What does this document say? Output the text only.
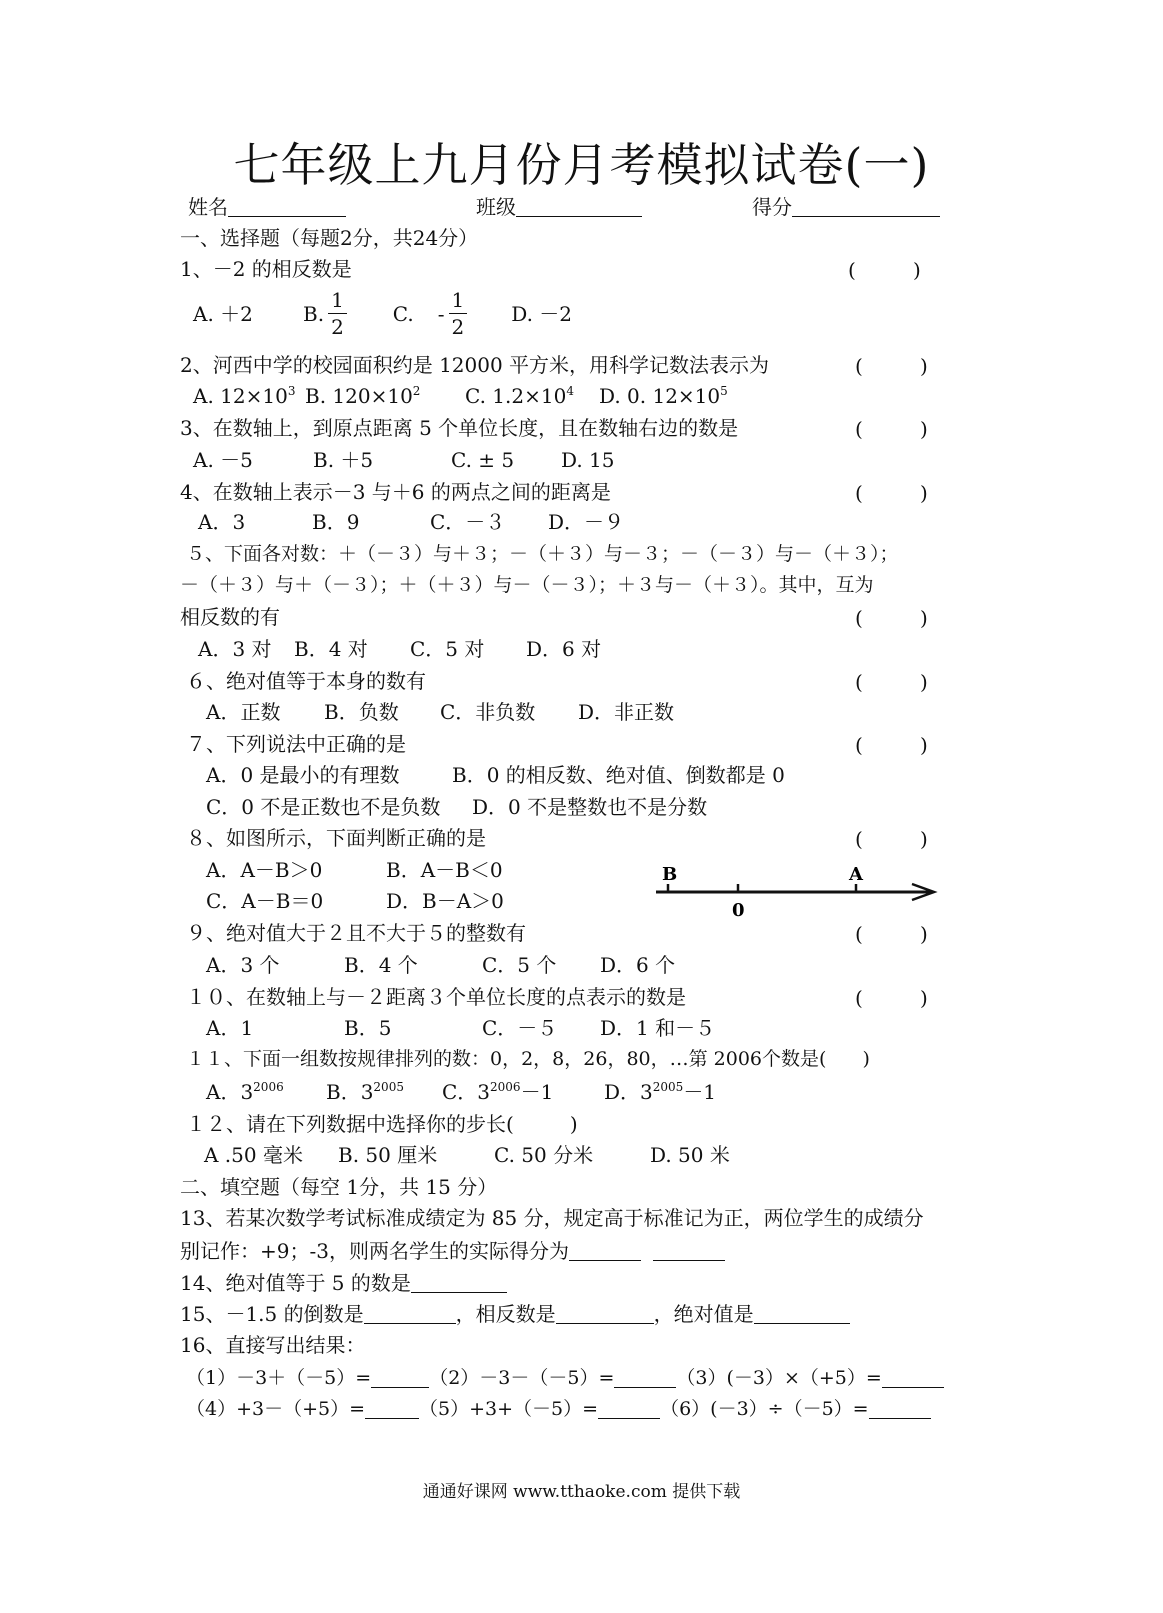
七年级上九月份月考模拟试卷(一)
姓名	班级	得分
一、选择题（每题2分，共24分）
1、－2 的相反数是	(         )
A. ＋2	B. $\frac{1}{2} C$. - $\frac{1}{2} D$. －2
2、河西中学的校园面积约是 12000 平方米，用科学记数法表示为	(         )
A. $12\times 10^3$ B. $120\times 10^2$ C. $1.2\times 10^4$ D. 0. $12\times 10^5$
3、在数轴上，到原点距离 5 个单位长度，且在数轴右边的数是	(         )
A. －5	B. ＋5	C. ± 5 D. 15
4、在数轴上表示－3 与＋6 的两点之间的距离是	(         )
A．3	B．9	C．－３ D．－９
５、下面各对数：＋（－３）与＋３；－（＋３）与－３；－（－３）与－（＋３）；
－（＋３）与＋（－３）；＋（＋３）与－（－３）；＋３与－（＋３）。其中，互为
相反数的有	(         )
A．3 对 B．4 对 C．5 对 D．6 对
６、绝对值等于本身的数有	(         )
A．正数 B．负数 C．非负数 D．非正数
７、下列说法中正确的是	(         )
A．0 是最小的有理数	B．0 的相反数、绝对值、倒数都是 0
C．0 不是正数也不是负数 D．0 不是整数也不是分数
８、如图所示，下面判断正确的是	(         )
A．A－B＞0	B．A－B＜0
C．A－B＝0	D．B－A＞0
B	A
0
９、绝对值大于２且不大于５的整数有	(         )
A．3 个	B．4 个	C．5 个 D．6 个
１０、在数轴上与－２距离３个单位长度的点表示的数是	(         )
A．1	B．5	C．－５ D．1 和－５
１１、下面一组数按规律排列的数：0，2，8，26，80，…第 2006个数是( )
A．$3^{2006}$ B．$3^{2005}$ C．$3^{2006}-1$	D．$3^{2005}-1$
１２、请在下列数据中选择你的步长(	)
A .50 毫米 B. 50 厘米	C. 50 分米	D. 50 米
二、填空题（每空 1分，共 15 分）
13、若某次数学考试标准成绩定为 85 分，规定高于标准记为正，两位学生的成绩分
别记作：+9；-3，则两名学生的实际得分为
14、绝对值等于 5 的数是
15、－1.5 的倒数是	，相反数是	，绝对值是
16、直接写出结果：
（1）－3＋（－5）=	（2）－3－（－5）=	（3）(－3）×（+5）=
（4）+3－（+5）=	（5）+3+（－5）=	（6）(－3）÷（－5）=
通通好课网 www.tthaoke.com 提供下载
